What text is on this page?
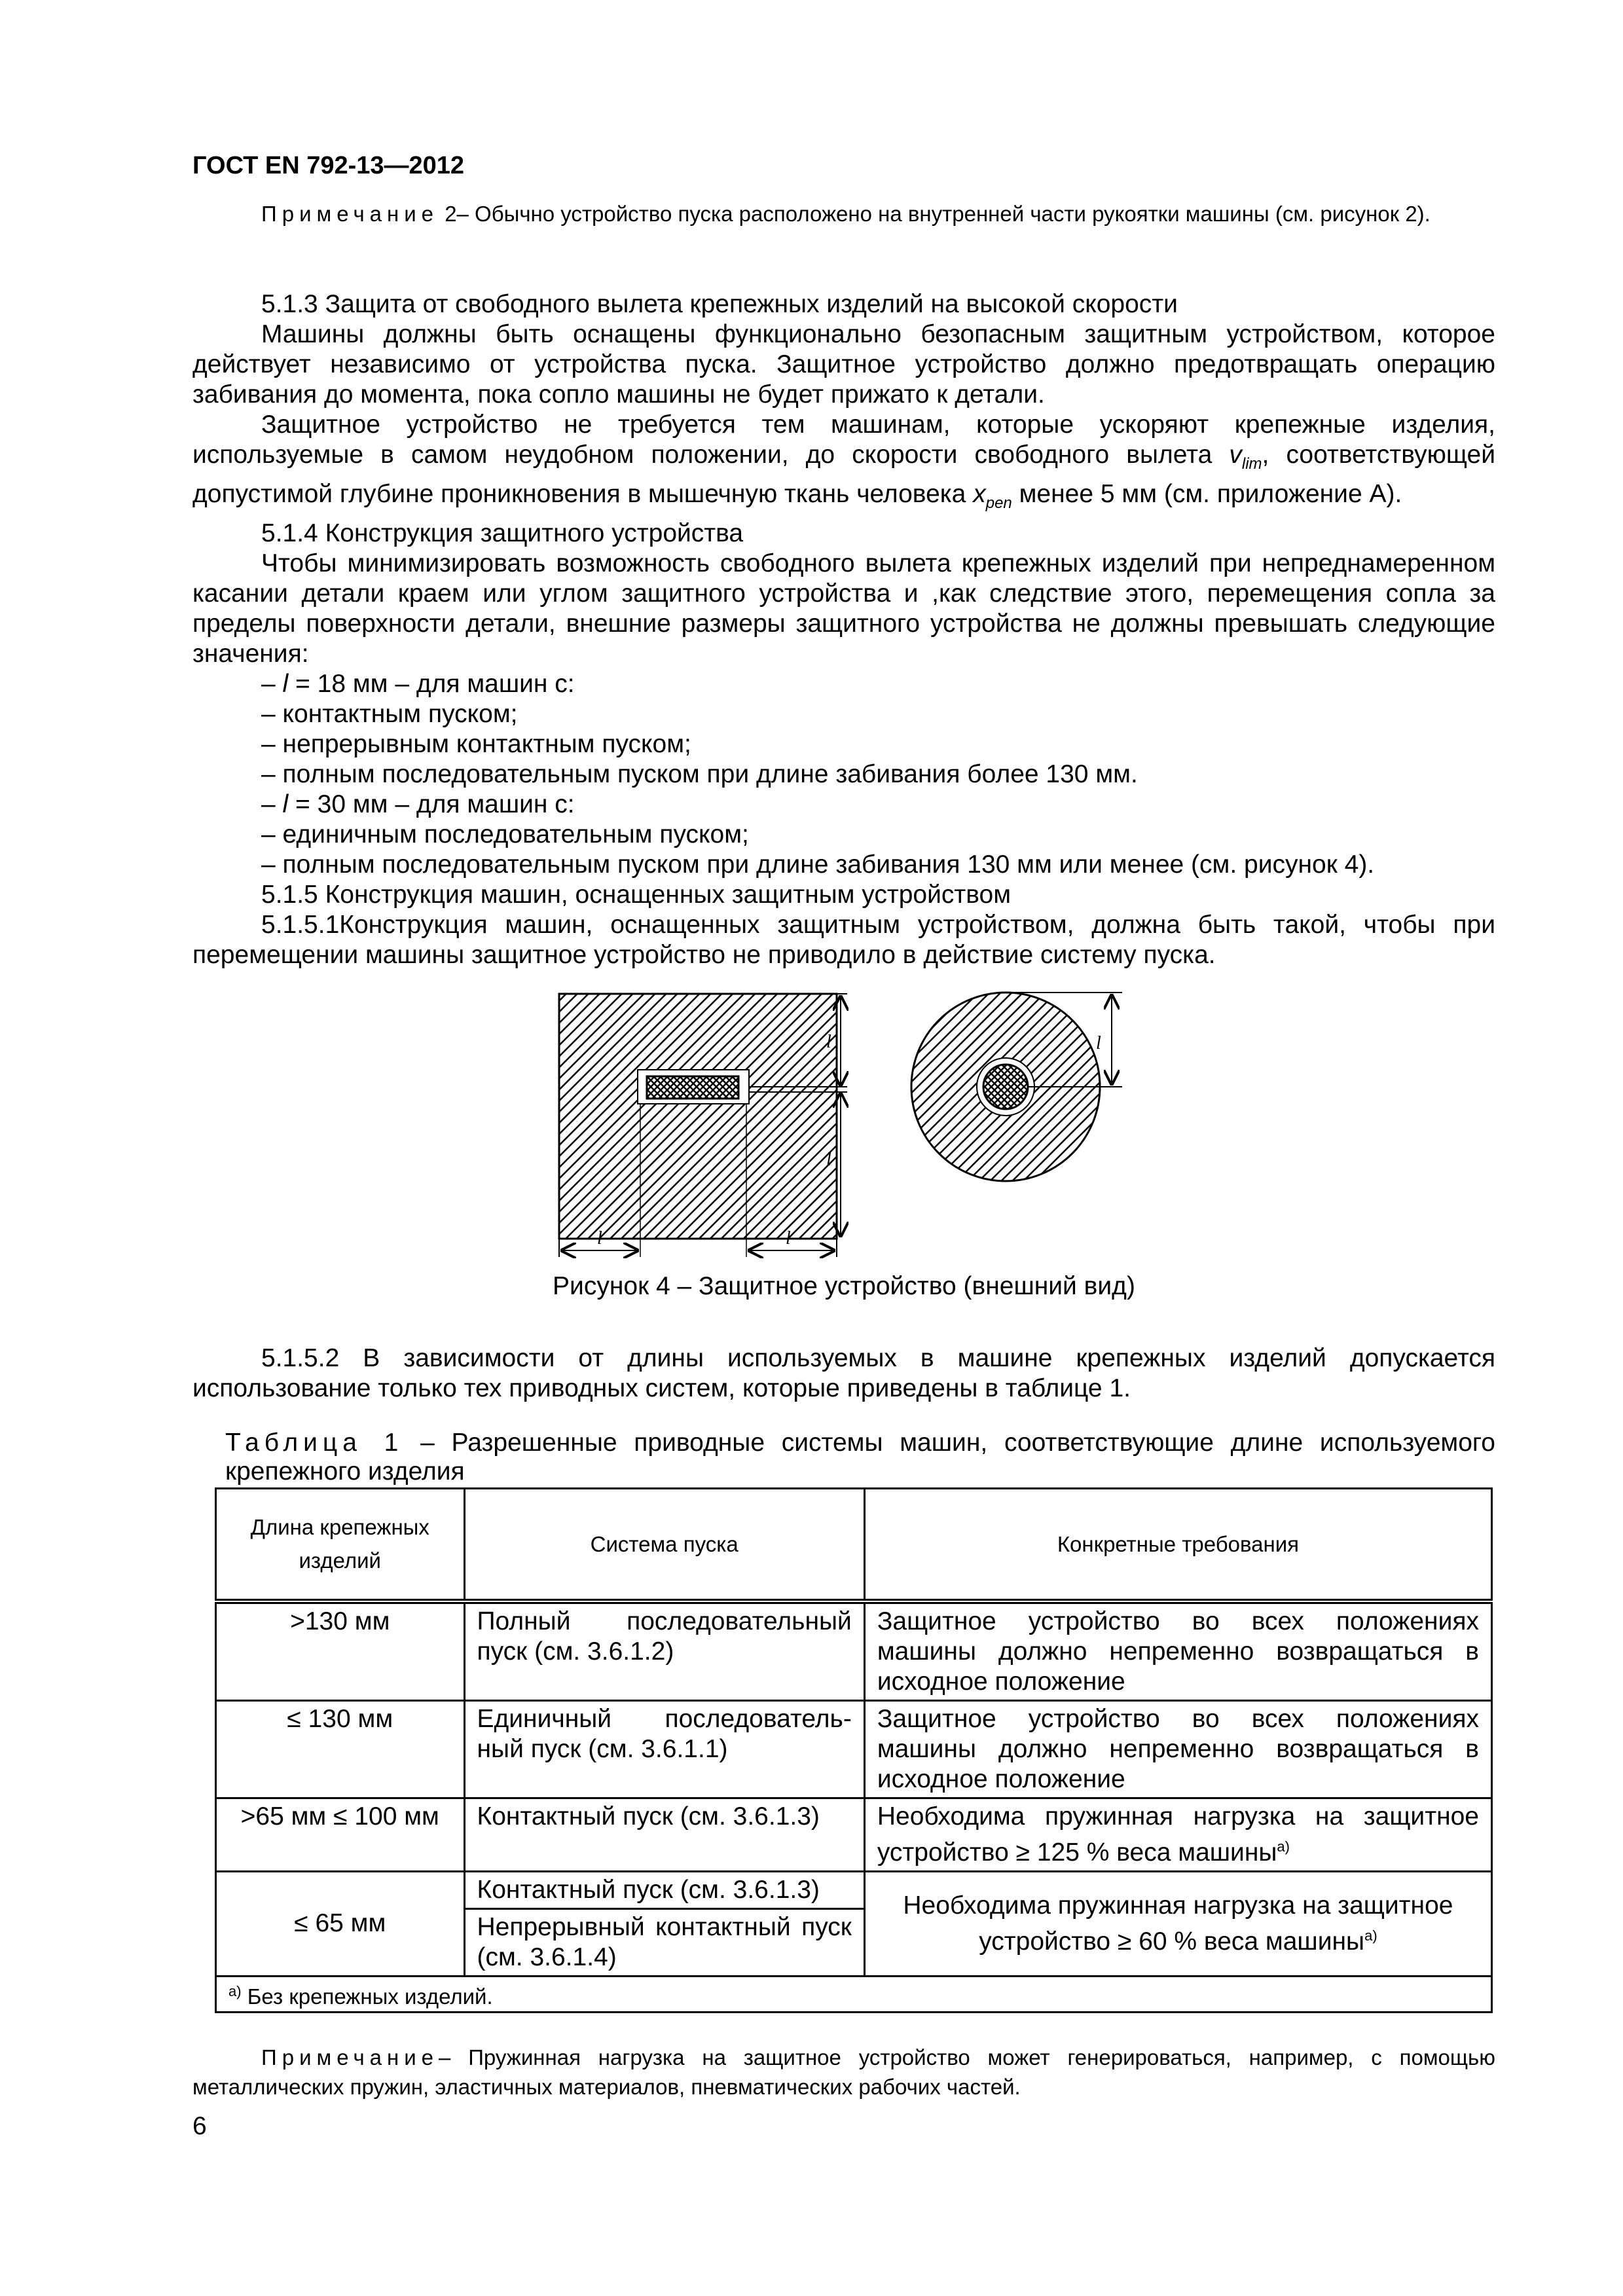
ГОСТ EN 792-13—2012

Примечание 2– Обычно устройство пуска расположено на внутренней части рукоятки машины (см. рисунок 2).

5.1.3 Защита от свободного вылета крепежных изделий на высокой скорости

Машины должны быть оснащены функционально безопасным защитным устройством, которое действует независимо от устройства пуска. Защитное устройство должно предотвращать операцию забивания до момента, пока сопло машины не будет прижато к детали.

Защитное устройство не требуется тем машинам, которые ускоряют крепежные изделия, используемые в самом неудобном положении, до скорости свободного вылета $v_{lim}$, соответствующей допустимой глубине проникновения в мышечную ткань человека $x_{pen}$ менее 5 мм (см. приложение А).

5.1.4 Конструкция защитного устройства

Чтобы минимизировать возможность свободного вылета крепежных изделий при непреднамеренном касании детали краем или углом защитного устройства и ,как следствие этого, перемещения сопла за пределы поверхности детали, внешние размеры защитного устройства не должны превышать следующие значения:

– l = 18 мм – для машин с:

– контактным пуском;

– непрерывным контактным пуском;

– полным последовательным пуском при длине забивания более 130 мм.

– l = 30 мм – для машин с:

– единичным последовательным пуском;

– полным последовательным пуском при длине забивания 130 мм или менее (см. рисунок 4).

5.1.5 Конструкция машин, оснащенных защитным устройством

5.1.5.1Конструкция машин, оснащенных защитным устройством, должна быть такой, чтобы при перемещении машины защитное устройство не приводило в действие систему пуска.

l
l
l	l
l
Рисунок 4 – Защитное устройство (внешний вид)

5.1.5.2 В зависимости от длины используемых в машине крепежных изделий допускается использование только тех приводных систем, которые приведены в таблице 1.

Таблица 1 – Разрешенные приводные системы машин, соответствующие длине используемого крепежного изделия

Длина крепежных изделий	Система пуска	Конкретные требования
>130 мм	Полный последовательный пуск (см. 3.6.1.2)	Защитное устройство во всех положениях машины должно непременно возвращаться в исходное положение
≤ 130 мм	Единичный последователь-ный пуск (см. 3.6.1.1)	Защитное устройство во всех положениях машины должно непременно возвращаться в исходное положение
>65 мм ≤ 100 мм	Контактный пуск (см. 3.6.1.3)	Необходима пружинная нагрузка на защитное устройство ≥ 125 % веса машины$^{a)}$
≤ 65 мм	Контактный пуск (см. 3.6.1.3)	Необходима пружинная нагрузка на защитное устройство ≥ 60 % веса машины$^{a)}$
	Непрерывный контактный пуск (см. 3.6.1.4)	
$^{a)}$ Без крепежных изделий.		

Примечание– Пружинная нагрузка на защитное устройство может генерироваться, например, с помощью металлических пружин, эластичных материалов, пневматических рабочих частей.

6
